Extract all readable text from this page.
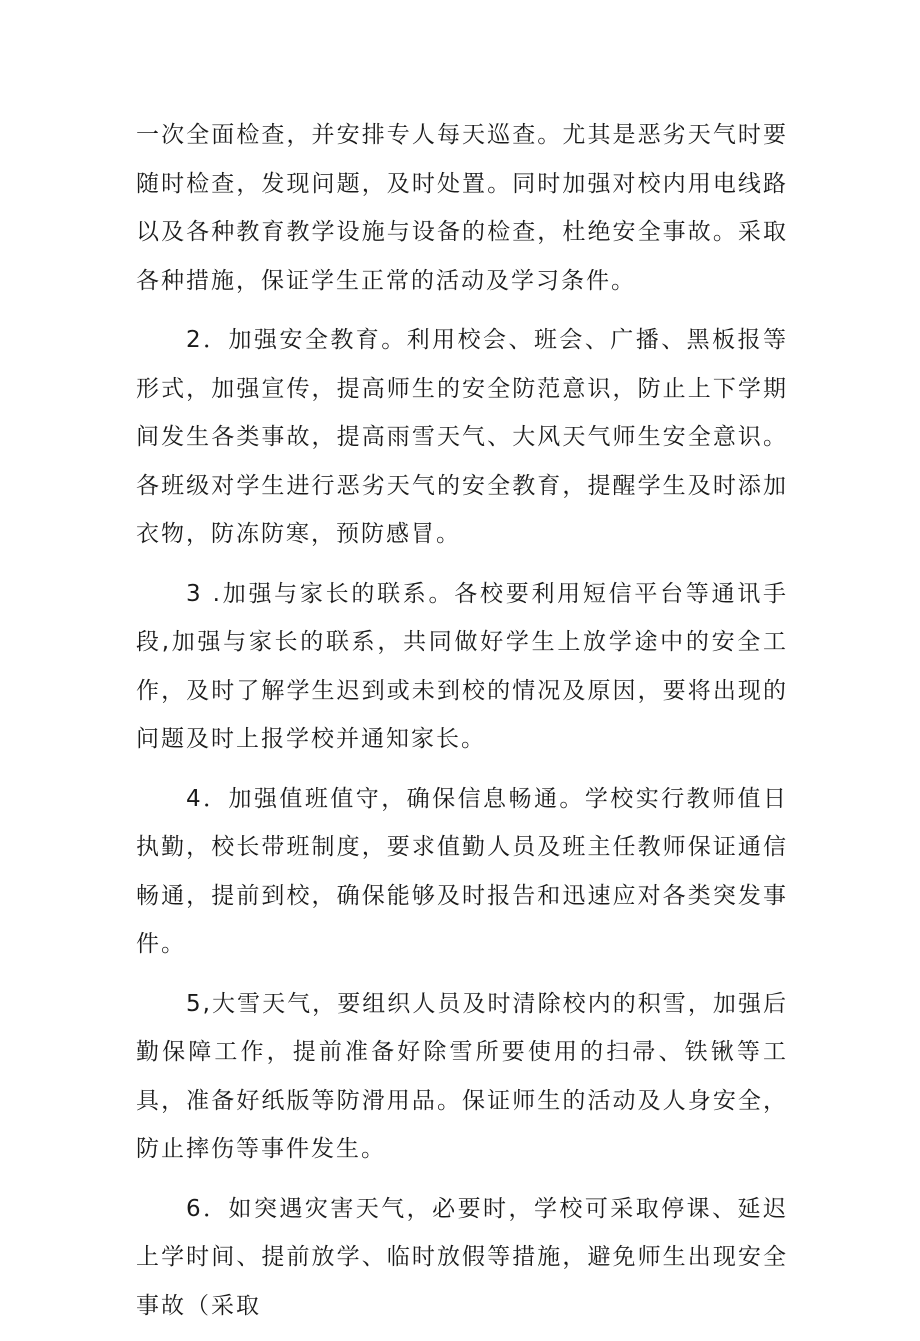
一次全面检查，并安排专人每天巡查。尤其是恶劣天气时要随时检查，发现问题，及时处置。同时加强对校内用电线路以及各种教育教学设施与设备的检查，杜绝安全事故。采取各种措施，保证学生正常的活动及学习条件。

2．加强安全教育。利用校会、班会、广播、黑板报等形式，加强宣传，提高师生的安全防范意识，防止上下学期间发生各类事故，提高雨雪天气、大风天气师生安全意识。各班级对学生进行恶劣天气的安全教育，提醒学生及时添加衣物，防冻防寒，预防感冒。

3 .加强与家长的联系。各校要利用短信平台等通讯手段,加强与家长的联系，共同做好学生上放学途中的安全工作，及时了解学生迟到或未到校的情况及原因，要将出现的问题及时上报学校并通知家长。

4．加强值班值守，确保信息畅通。学校实行教师值日执勤，校长带班制度，要求值勤人员及班主任教师保证通信畅通，提前到校，确保能够及时报告和迅速应对各类突发事件。

5,大雪天气，要组织人员及时清除校内的积雪，加强后勤保障工作，提前准备好除雪所要使用的扫帚、铁锹等工具，准备好纸版等防滑用品。保证师生的活动及人身安全，防止摔伤等事件发生。

6．如突遇灾害天气，必要时，学校可采取停课、延迟上学时间、提前放学、临时放假等措施，避免师生出现安全事故（采取
